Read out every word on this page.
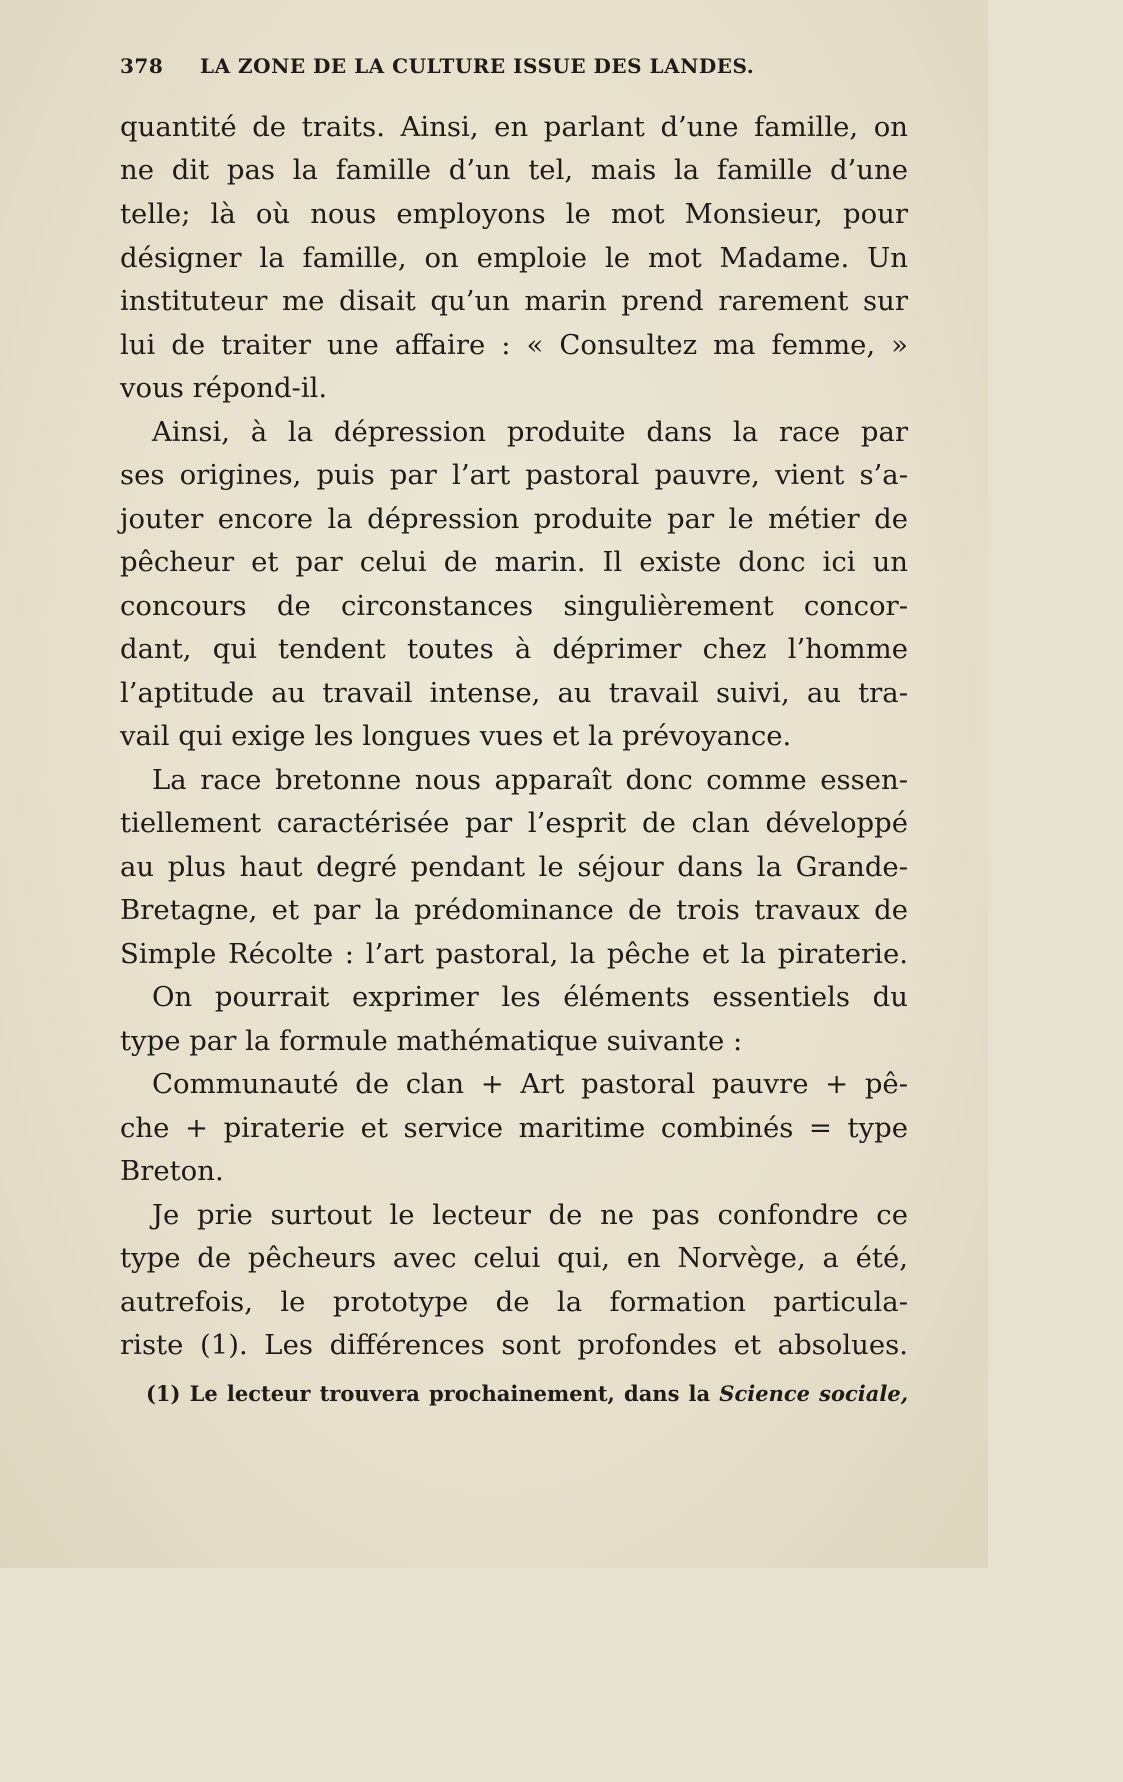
378 LA ZONE DE LA CULTURE ISSUE DES LANDES.
quantité de traits. Ainsi, en parlant d’une famille, on
ne dit pas la famille d’un tel, mais la famille d’une
telle; là où nous employons le mot Monsieur, pour
désigner la famille, on emploie le mot Madame. Un
instituteur me disait qu’un marin prend rarement sur
lui de traiter une affaire : « Consultez ma femme, »
vous répond-il.
Ainsi, à la dépression produite dans la race par
ses origines, puis par l’art pastoral pauvre, vient s’a-
jouter encore la dépression produite par le métier de
pêcheur et par celui de marin. Il existe donc ici un
concours de circonstances singulièrement concor-
dant, qui tendent toutes à déprimer chez l’homme
l’aptitude au travail intense, au travail suivi, au tra-
vail qui exige les longues vues et la prévoyance.
La race bretonne nous apparaît donc comme essen-
tiellement caractérisée par l’esprit de clan développé
au plus haut degré pendant le séjour dans la Grande-
Bretagne, et par la prédominance de trois travaux de
Simple Récolte : l’art pastoral, la pêche et la piraterie.
On pourrait exprimer les éléments essentiels du
type par la formule mathématique suivante :
Communauté de clan + Art pastoral pauvre + pê-
che + piraterie et service maritime combinés = type
Breton.
Je prie surtout le lecteur de ne pas confondre ce
type de pêcheurs avec celui qui, en Norvège, a été,
autrefois, le prototype de la formation particula-
riste (1). Les différences sont profondes et absolues.
(1) Le lecteur trouvera prochainement, dans la Science sociale,
